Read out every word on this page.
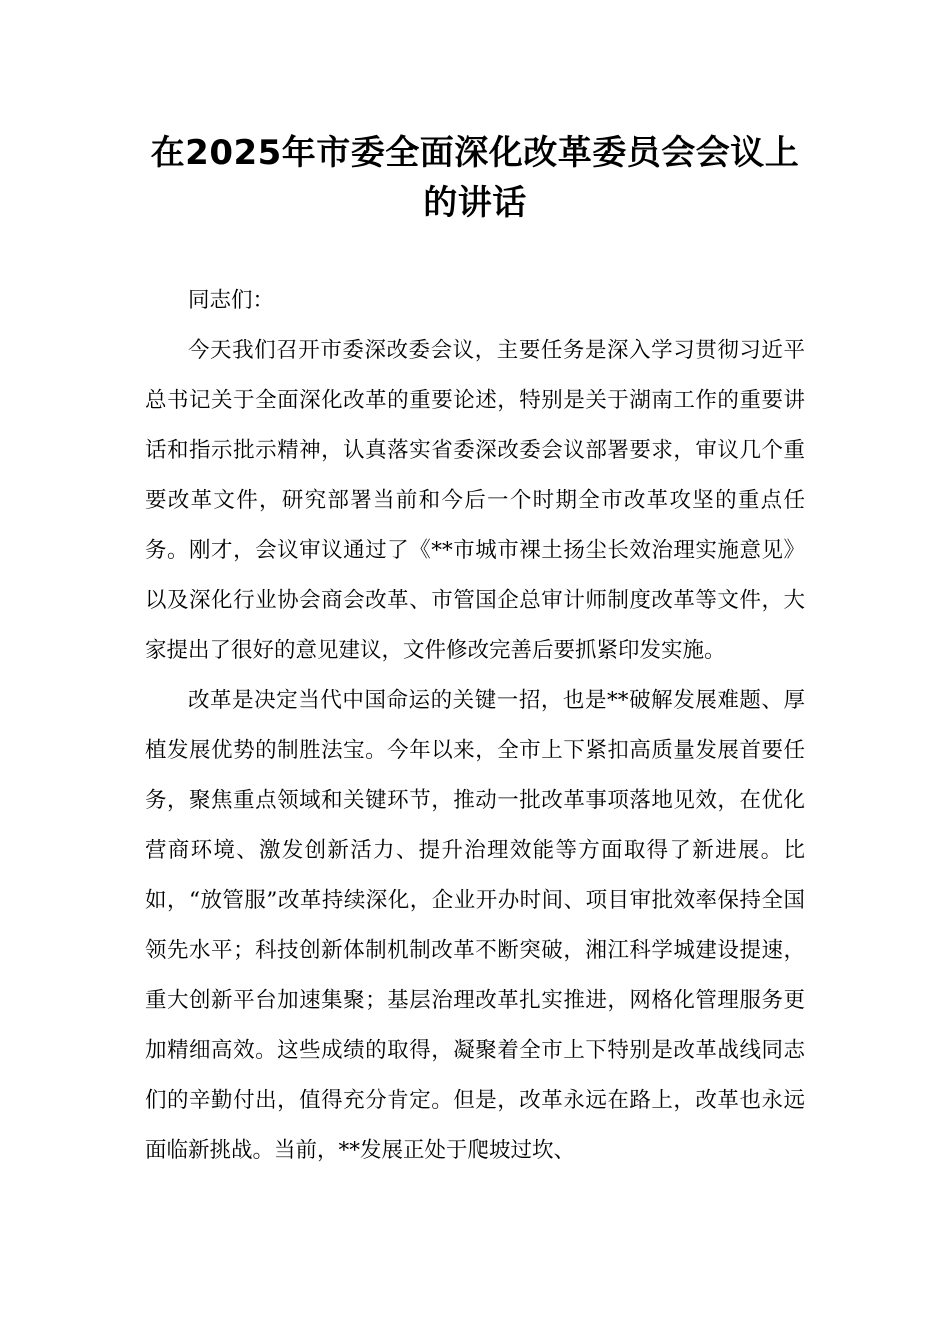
在2025年市委全面深化改革委员会会议上
的讲话

同志们：

今天我们召开市委深改委会议，主要任务是深入学习贯彻习近平总书记关于全面深化改革的重要论述，特别是关于湖南工作的重要讲话和指示批示精神，认真落实省委深改委会议部署要求，审议几个重要改革文件，研究部署当前和今后一个时期全市改革攻坚的重点任务。刚才，会议审议通过了《**市城市裸土扬尘长效治理实施意见》以及深化行业协会商会改革、市管国企总审计师制度改革等文件，大家提出了很好的意见建议，文件修改完善后要抓紧印发实施。

改革是决定当代中国命运的关键一招，也是**破解发展难题、厚植发展优势的制胜法宝。今年以来，全市上下紧扣高质量发展首要任务，聚焦重点领域和关键环节，推动一批改革事项落地见效，在优化营商环境、激发创新活力、提升治理效能等方面取得了新进展。比如，“放管服”改革持续深化，企业开办时间、项目审批效率保持全国领先水平；科技创新体制机制改革不断突破，湘江科学城建设提速，重大创新平台加速集聚；基层治理改革扎实推进，网格化管理服务更加精细高效。这些成绩的取得，凝聚着全市上下特别是改革战线同志们的辛勤付出，值得充分肯定。但是，改革永远在路上，改革也永远面临新挑战。当前，**发展正处于爬坡过坎、
